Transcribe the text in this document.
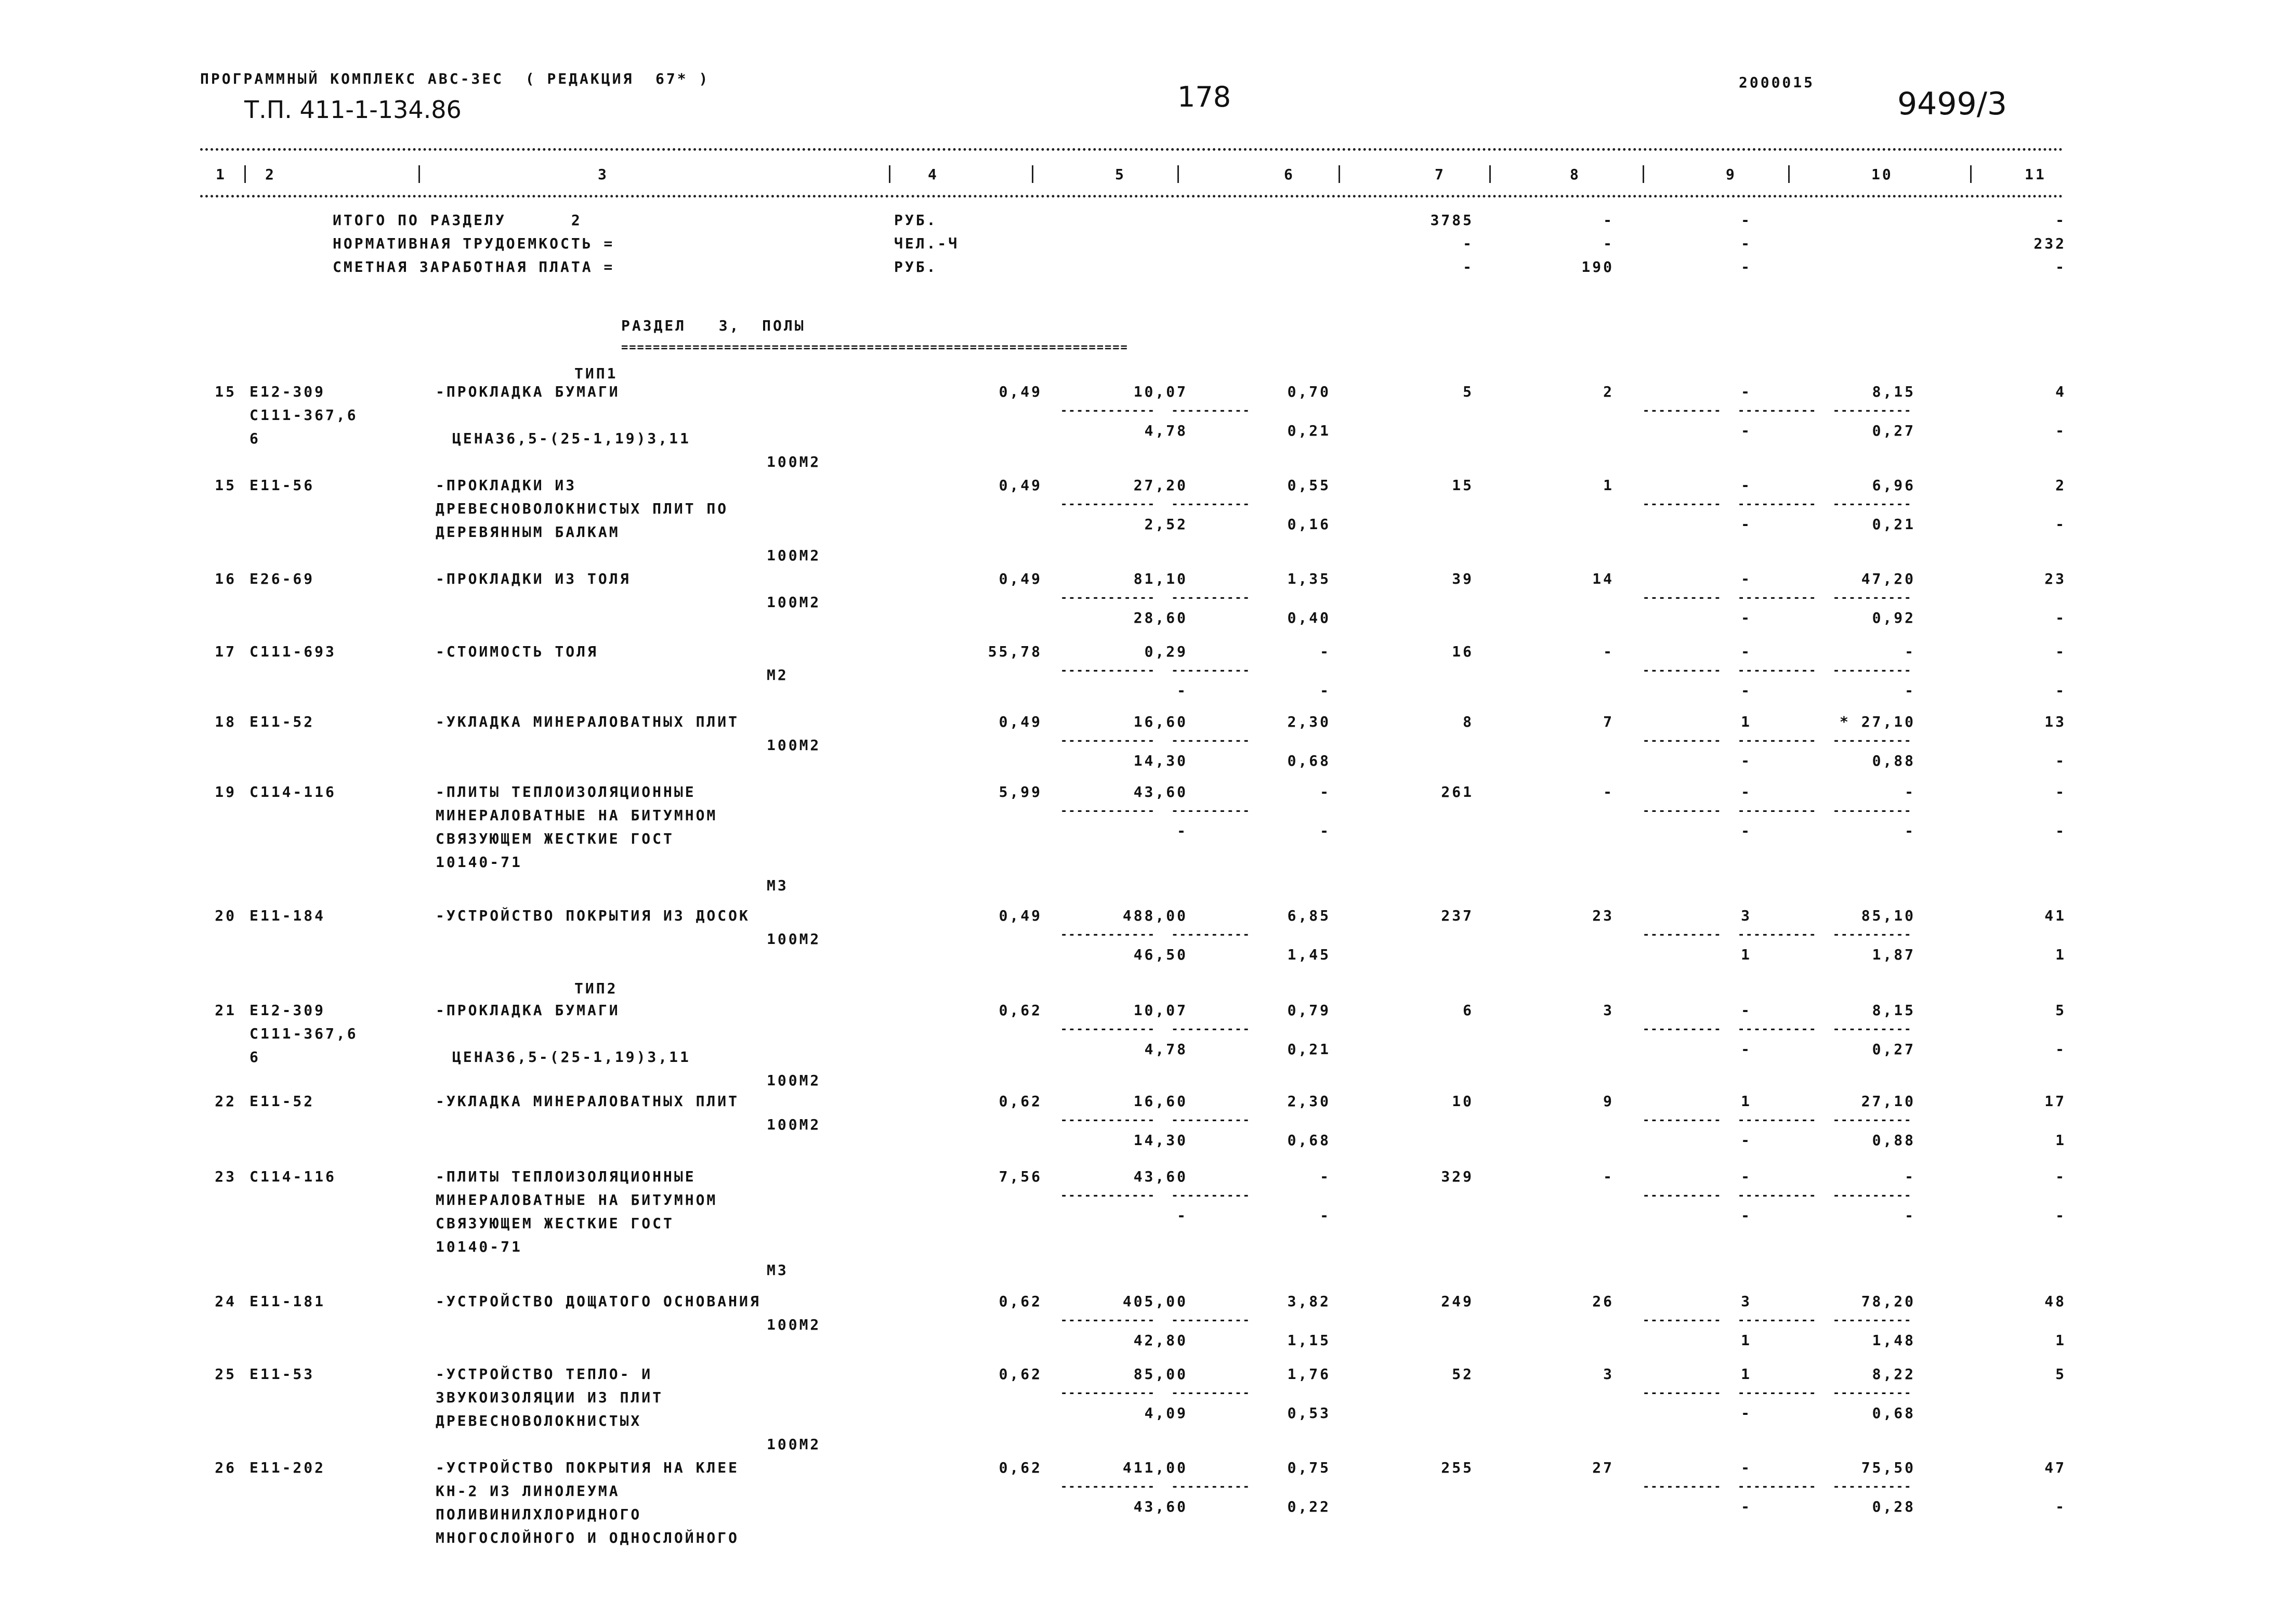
ПРОГРАММНЫЙ КОМПЛЕКС АВС-ЗЕС  ( РЕДАКЦИЯ  67* )
Т.П. 411-1-134.86	178	2000015
9499/3
1	2	3	4	5	6	7	8	9	10	11
ИТОГО ПО РАЗДЕЛУ      2	РУБ.	3785	-	-	-
НОРМАТИВНАЯ ТРУДОЕМКОСТЬ =	ЧЕЛ.-Ч	-	-	-	232
СМЕТНАЯ ЗАРАБОТНАЯ ПЛАТА =	РУБ.	-	190	-	-
РАЗДЕЛ   3,  ПОЛЫ
================================================================
ТИП1
ТИП2
15 Е12-309
С111-367,6
6
-ПРОКЛАДКА БУМАГИ
ЦЕНА36,5-(25-1,19)3,11
100М2
0,49	10,07	0,70	5	2	-	8,15	4
------------  ----------	----------  ----------  ----------
4,78	0,21	-	0,27	-
15 Е11-56	-ПРОКЛАДКИ ИЗ
ДРЕВЕСНОВОЛОКНИСТЫХ ПЛИТ ПО
ДЕРЕВЯННЫМ БАЛКАМ
100М2
0,49	27,20	0,55	15	1	-	6,96	2
------------  ----------	----------  ----------  ----------
2,52	0,16	-	0,21	-
16 Е26-69	-ПРОКЛАДКИ ИЗ ТОЛЯ
100М2
0,49	81,10	1,35	39	14	-	47,20	23
------------  ----------	----------  ----------  ----------
28,60	0,40	-	0,92	-
17 С111-693	-СТОИМОСТЬ ТОЛЯ
М2
55,78	0,29	-	16	-	-	-	-
------------  ----------	----------  ----------  ----------
-	-	-	-	-
18 Е11-52	-УКЛАДКА МИНЕРАЛОВАТНЫХ ПЛИТ
100М2
0,49	16,60	2,30	8	7	1	* 27,10	13
------------  ----------	----------  ----------  ----------
14,30	0,68	-	0,88	-
19 С114-116	-ПЛИТЫ ТЕПЛОИЗОЛЯЦИОННЫЕ
МИНЕРАЛОВАТНЫЕ НА БИТУМНОМ
СВЯЗУЮЩЕМ ЖЕСТКИЕ ГОСТ
10140-71
М3
5,99	43,60	-	261	-	-	-	-
------------  ----------	----------  ----------  ----------
-	-	-	-	-
20 Е11-184	-УСТРОЙСТВО ПОКРЫТИЯ ИЗ ДОСОК
100М2
0,49	488,00	6,85	237	23	3	85,10	41
------------  ----------	----------  ----------  ----------
46,50	1,45	1	1,87	1
21 Е12-309
С111-367,6
6
-ПРОКЛАДКА БУМАГИ
ЦЕНА36,5-(25-1,19)3,11
100М2
0,62	10,07	0,79	6	3	-	8,15	5
------------  ----------	----------  ----------  ----------
4,78	0,21	-	0,27	-
22 Е11-52	-УКЛАДКА МИНЕРАЛОВАТНЫХ ПЛИТ
100М2
0,62	16,60	2,30	10	9	1	27,10	17
------------  ----------	----------  ----------  ----------
14,30	0,68	-	0,88	1
23 С114-116	-ПЛИТЫ ТЕПЛОИЗОЛЯЦИОННЫЕ
МИНЕРАЛОВАТНЫЕ НА БИТУМНОМ
СВЯЗУЮЩЕМ ЖЕСТКИЕ ГОСТ
10140-71
М3
7,56	43,60	-	329	-	-	-	-
------------  ----------	----------  ----------  ----------
-	-	-	-	-
24 Е11-181	-УСТРОЙСТВО ДОЩАТОГО ОСНОВАНИЯ
100М2
0,62	405,00	3,82	249	26	3	78,20	48
------------  ----------	----------  ----------  ----------
42,80	1,15	1	1,48	1
25 Е11-53	-УСТРОЙСТВО ТЕПЛО- И
ЗВУКОИЗОЛЯЦИИ ИЗ ПЛИТ
ДРЕВЕСНОВОЛОКНИСТЫХ
100М2
0,62	85,00	1,76	52	3	1	8,22	5
------------  ----------	----------  ----------  ----------
4,09	0,53	-	0,68
26 Е11-202	-УСТРОЙСТВО ПОКРЫТИЯ НА КЛЕЕ
КН-2 ИЗ ЛИНОЛЕУМА
ПОЛИВИНИЛХЛОРИДНОГО
МНОГОСЛОЙНОГО И ОДНОСЛОЙНОГО
0,62	411,00	0,75	255	27	-	75,50	47
------------  ----------	----------  ----------  ----------
43,60	0,22	-	0,28	-
